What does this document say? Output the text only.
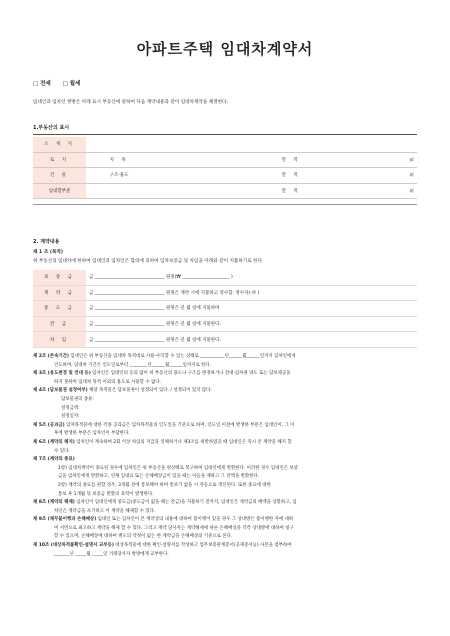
아파트주택 임대차계약서
□ 전세 □ 월세
임대인과 임차인 쌍방은 아래 표시 부동산에 관하여 다음 계약내용과 같이 임대차계약을 체결한다.
1.부동산의 표시
소 재 지				
토 지	지 목		면 적	㎡
건 물	구조·용도		면 적	㎡
임대할부분			면 적	㎡
2. 계약내용
제 1 조 (목적)
위 부동산의 임대차에 한하여 임대인과 임차인은 합의에 의하여 임차보증금 및 차임을 아래와 같이 지불하기로 한다.
보 증 금	금 _______________________________ 원정(₩ _____________________ )
계 약 금	금 _______________________________ 원정은 계약 시에 지불하고 영수함. 영수자( ㊞ )
중 도 금	금 _______________________________ 원정은 년 월 일에 지불하며
잔 금	금 _______________________________ 원정은 년 월 일에 지불한다.
차 임	금 _______________________________ 원정은 년 월 일에 지불한다.
제 2조 (존속기간) 임대인은 위 부동산을 임대차 목적대로 사용·수익할 수 있는 상태로 ___________년______월______일까지 임차인에게
인도하며, 임대차 기간은 인도일로부터 ________년______월______일까지로 한다.
제 3조 (용도변경 및 전대 등) 임차인은 임대인의 동의 없이 위 부동산의 용도나 구조를 변경하거나 전대·임차권 양도 또는 담보제공을
하지 못하며 임대차 목적 이외의 용도로 사용할 수 없다.
제 4조 (담보물권 설정여부) 해당 목적물은 담보물권이 설정되어 있다. / 설정되어 있지 않다.
담보물권의 종류:
설정금액:
설정일자:
제 5조 (공과금) 임차목적물에 대한 각종 공과금은 임차목적물의 인도일을 기준으로 하며, 인도일 이전에 발생한 부분은 임대인이, 그 이
후에 발생한 부분은 임차인이 부담한다.
제 6조 (계약의 해지) 임차인이 계속하여 2회 이상 차임의 지급을 연체하거나 제3조를 위반하였을 때 임대인은 즉시 본 계약을 해지 할
수 있다.
제 7조 (계약의 종료)
1항) 임대차계약이 종료된 경우에 임차인은 위 부동산을 원상태로 복구하여 임대인에게 반환한다. 이러한 경우 임대인은 보증
금을 임차인에게 반환하고, 연체 임대료 또는 손해배상금이 있을 때는 이들을 제하고 그 잔액을 반환한다.
2항) 계약의 종료를 원할 경우, 3개월 전에 통보해야 하며 통보가 없을 시 자동으로 갱신된다. 또한 종료에 대한
통보 후 1개월 뒤 보증금 반환의 효력이 발생한다.
제 8조 (계약의 해제) 임차인이 임대인에게 중도금(중도금이 없을 때는 잔금)을 지불하기 전까지, 임대인은 계약금의 배액을 상환하고, 임
차인은 계약금을 포기하고 이 계약을 해제할 수 있다.
제 9조 (채무불이행과 손해배상) 임대인 또는 임차인이 본 계약상의 내용에 대하여 불이행이 있을 경우 그 상대방은 불이행한 자에 대하
여 서면으로 최고하고 계약을 해제 할 수 있다. 그리고 계약 당사자는 계약해제에 따른 손해배상을 각각 상대방에 대하여 청구
할 수 있으며, 손해배상에 대하여 별도의 약정이 없는 한 계약금을 손해배상의 기준으로 본다.
제 10조 (대상목적물확인·설명서 교부등) 대상목적물에 대한 확인·설명서를 작성하고 업무보증관계증서(공제증서등) 사본을 첨부하여
_______년 _____월 _____일 거래당사자 쌍방에게 교부한다.
